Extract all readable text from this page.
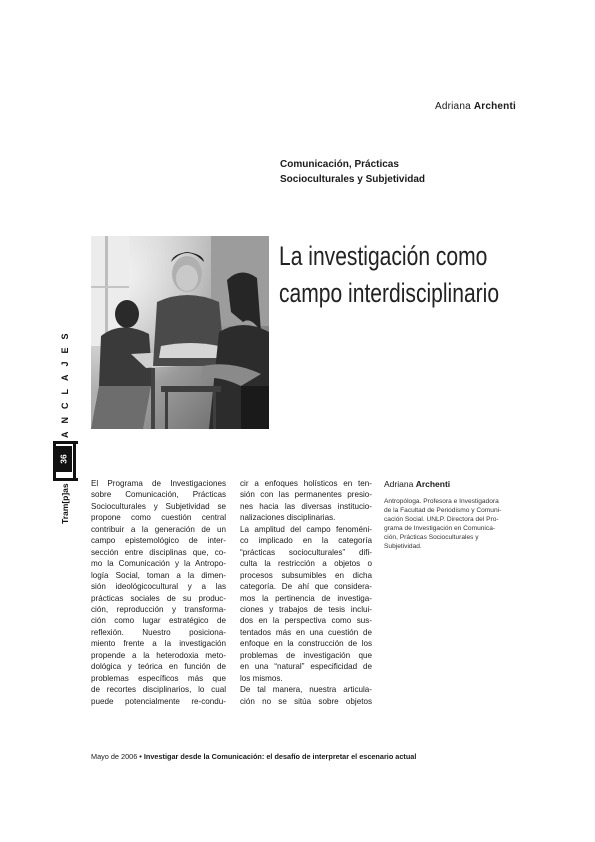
Adriana Archenti
Comunicación, Prácticas
Socioculturales y Subjetividad
La investigación como
campo interdisciplinario
ANCLAJES
36
Tram[p]as	El Programa de Investigaciones
sobre Comunicación, Prácticas
Socioculturales y Subjetividad se
propone como cuestión central
contribuir a la generación de un
campo epistemológico de inter-
sección entre disciplinas que, co-
mo la Comunicación y la Antropo-
logía Social, toman a la dimen-
sión ideológicocultural y a las
prácticas sociales de su produc-
ción, reproducción y transforma-
ción como lugar estratégico de
reflexión. Nuestro posiciona-
miento frente a la investigación
propende a la heterodoxia meto-
dológica y teórica en función de
problemas específicos más que
de recortes disciplinarios, lo cual
puede potencialmente re-condu-
cir a enfoques holísticos en ten-
sión con las permanentes presio-
nes hacia las diversas institucio-
nalizaciones disciplinarias.
La amplitud del campo fenoméni-
co implicado en la categoría
“prácticas socioculturales” difi-
culta la restricción a objetos o
procesos subsumibles en dicha
categoría. De ahí que considera-
mos la pertinencia de investiga-
ciones y trabajos de tesis inclui-
dos en la perspectiva como sus-
tentados más en una cuestión de
enfoque en la construcción de los
problemas de investigación que
en una “natural” especificidad de
los mismos.
De tal manera, nuestra articula-
ción no se sitúa sobre objetos
Adriana Archenti
Antropóloga. Profesora e Investigadora
de la Facultad de Periodismo y Comuni-
cación Social. UNLP. Directora del Pro-
grama de Investigación en Comunica-
ción, Prácticas Socioculturales y
Subjetividad.
Mayo de 2006 • Investigar desde la Comunicación: el desafío de interpretar el escenario actual
